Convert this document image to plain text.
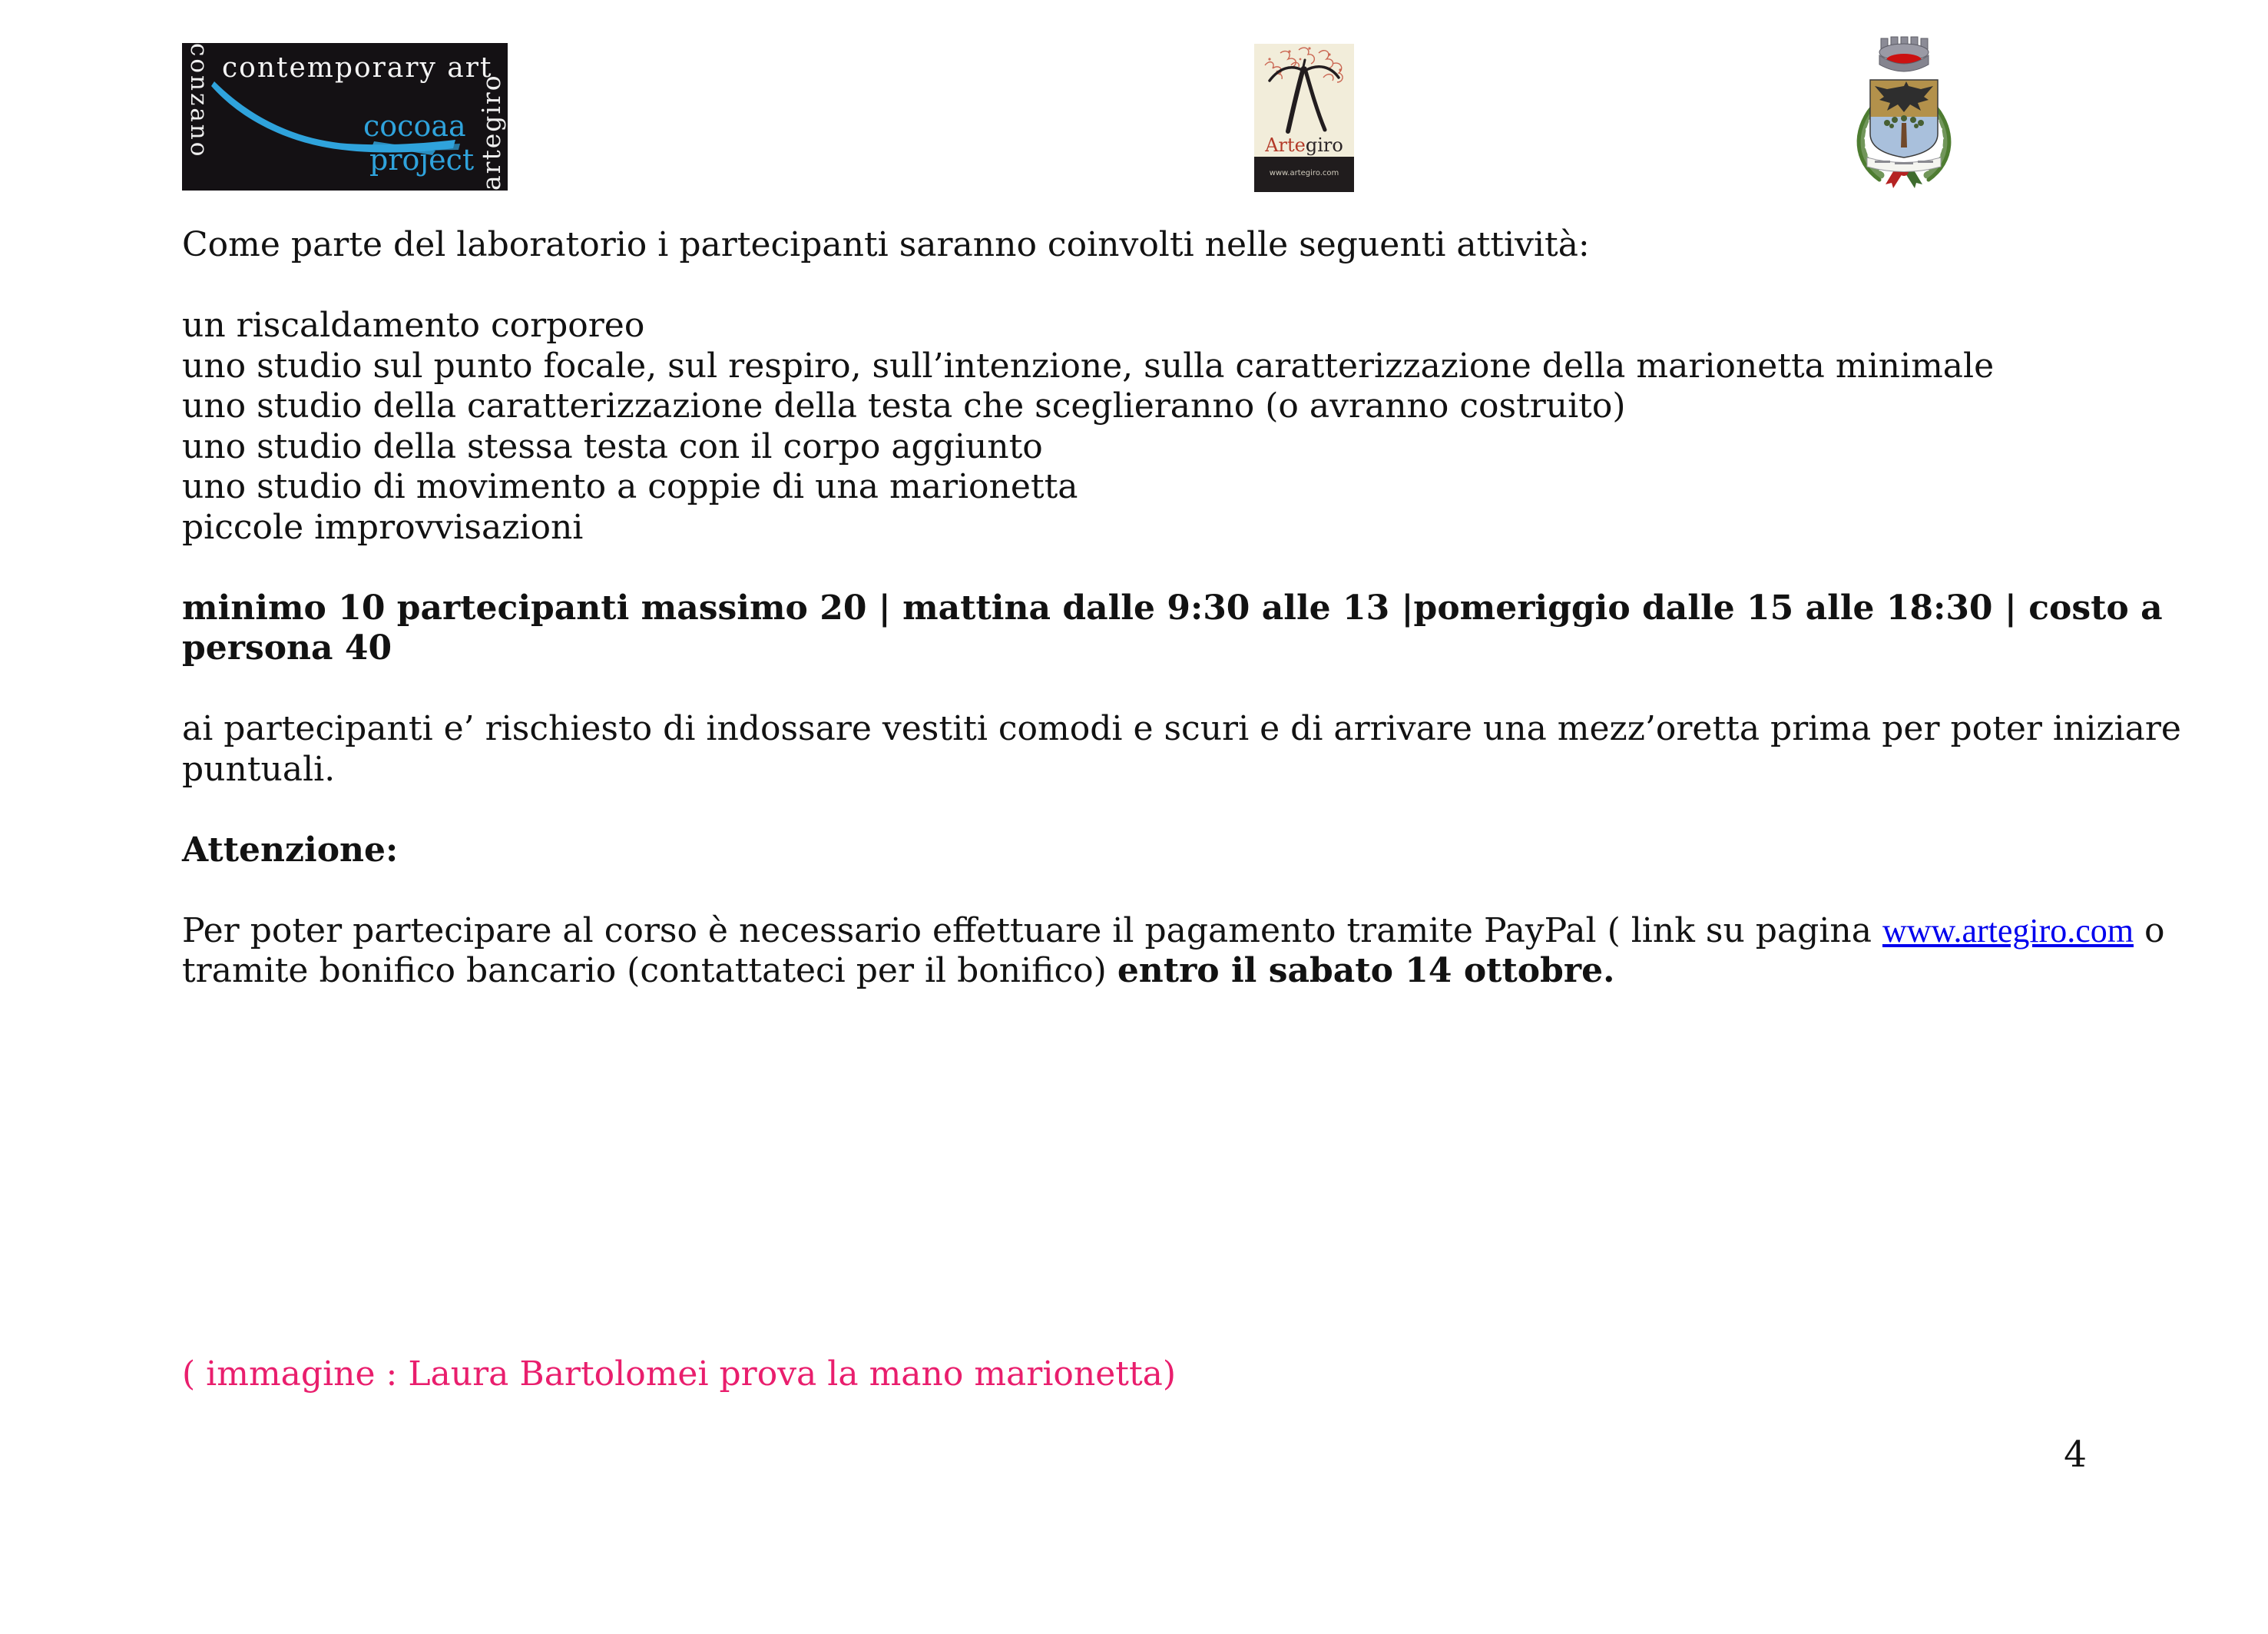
contemporary art
conzano	artegiro
cocoaa
project	Artegiro
www.artegiro.com
Come parte del laboratorio i partecipanti saranno coinvolti nelle seguenti attività:
un riscaldamento corporeo
uno studio sul punto focale, sul respiro, sull’intenzione, sulla caratterizzazione della marionetta minimale
uno studio della caratterizzazione della testa che sceglieranno (o avranno costruito)
uno studio della stessa testa con il corpo aggiunto
uno studio di movimento a coppie di una marionetta
piccole improvvisazioni
minimo 10 partecipanti massimo 20 | mattina dalle 9:30 alle 13 |pomeriggio dalle 15 alle 18:30 | costo a
persona 40
ai partecipanti e’ rischiesto di indossare vestiti comodi e scuri e di arrivare una mezz’oretta prima per poter iniziare
puntuali.
Attenzione:
Per poter partecipare al corso è necessario effettuare il pagamento tramite PayPal ( link su pagina www.artegiro.com o
tramite bonifico bancario (contattateci per il bonifico) entro il sabato 14 ottobre.
( immagine : Laura Bartolomei prova la mano marionetta)
4
